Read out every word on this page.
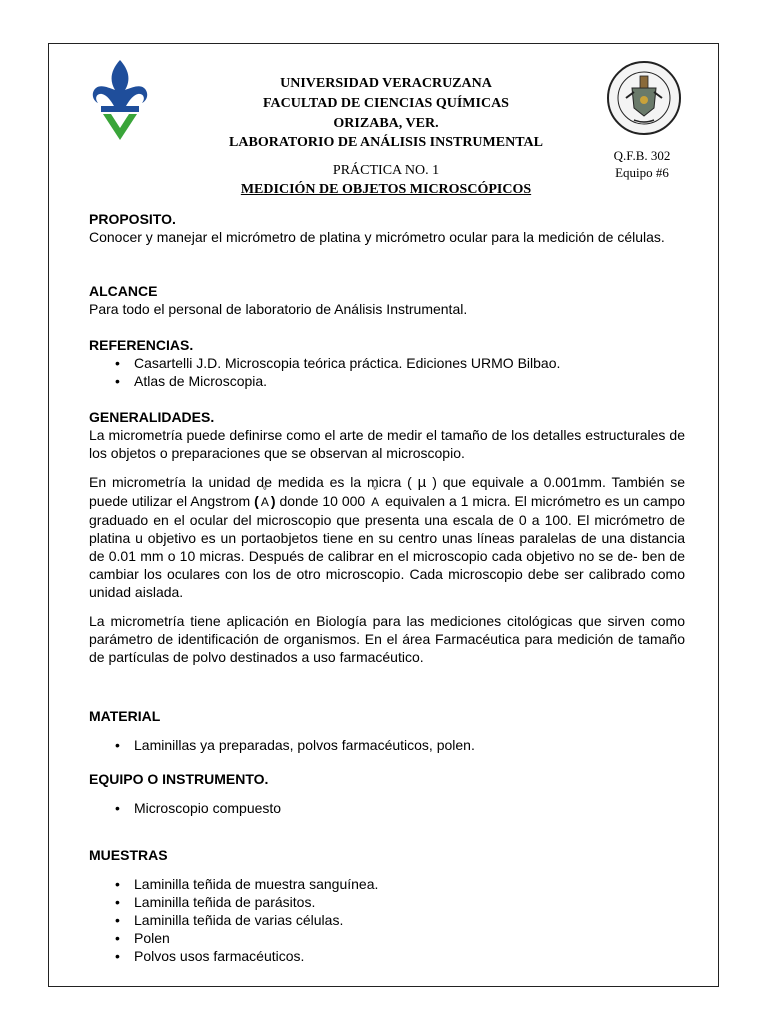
UNIVERSIDAD VERACRUZANA
FACULTAD DE CIENCIAS QUÍMICAS
ORIZABA, VER.
LABORATORIO DE ANÁLISIS INSTRUMENTAL
PRÁCTICA NO. 1
MEDICIÓN DE OBJETOS MICROSCÓPICOS
Q.F.B. 302
Equipo #6
PROPOSITO.

Conocer y manejar el micrómetro de platina y micrómetro ocular para la medición de células.

ALCANCE

Para todo el personal de laboratorio de Análisis Instrumental.

REFERENCIAS.
• Casartelli J.D. Microscopia teórica práctica. Ediciones URMO Bilbao.
• Atlas de Microscopia.
GENERALIDADES.

La micrometría puede definirse como el arte de medir el tamaño de los detalles estructurales de los objetos o preparaciones que se observan al microscopio.

En micrometría la unidad de medida es la micra ( µ ) que equivale a 0.001mm. También se puede utilizar el Angstrom ( ° A ) donde 10 000 ° A equivalen a 1 micra. El micrómetro es un campo graduado en el ocular del microscopio que presenta una escala de 0 a 100. El micrómetro de platina u objetivo es un portaobjetos tiene en su centro unas líneas paralelas de una distancia de 0.01 mm o 10 micras. Después de calibrar en el microscopio cada objetivo no se de- ben de cambiar los oculares con los de otro microscopio. Cada microscopio debe ser calibrado como unidad aislada.

La micrometría tiene aplicación en Biología para las mediciones citológicas que sirven como parámetro de identificación de organismos. En el área Farmacéutica para medición de tamaño de partículas de polvo destinados a uso farmacéutico.

MATERIAL
• Laminillas ya preparadas, polvos farmacéuticos, polen.
EQUIPO O INSTRUMENTO.
• Microscopio compuesto
MUESTRAS
• Laminilla teñida de muestra sanguínea.
• Laminilla teñida de parásitos.
• Laminilla teñida de varias células.
• Polen
• Polvos usos farmacéuticos.
